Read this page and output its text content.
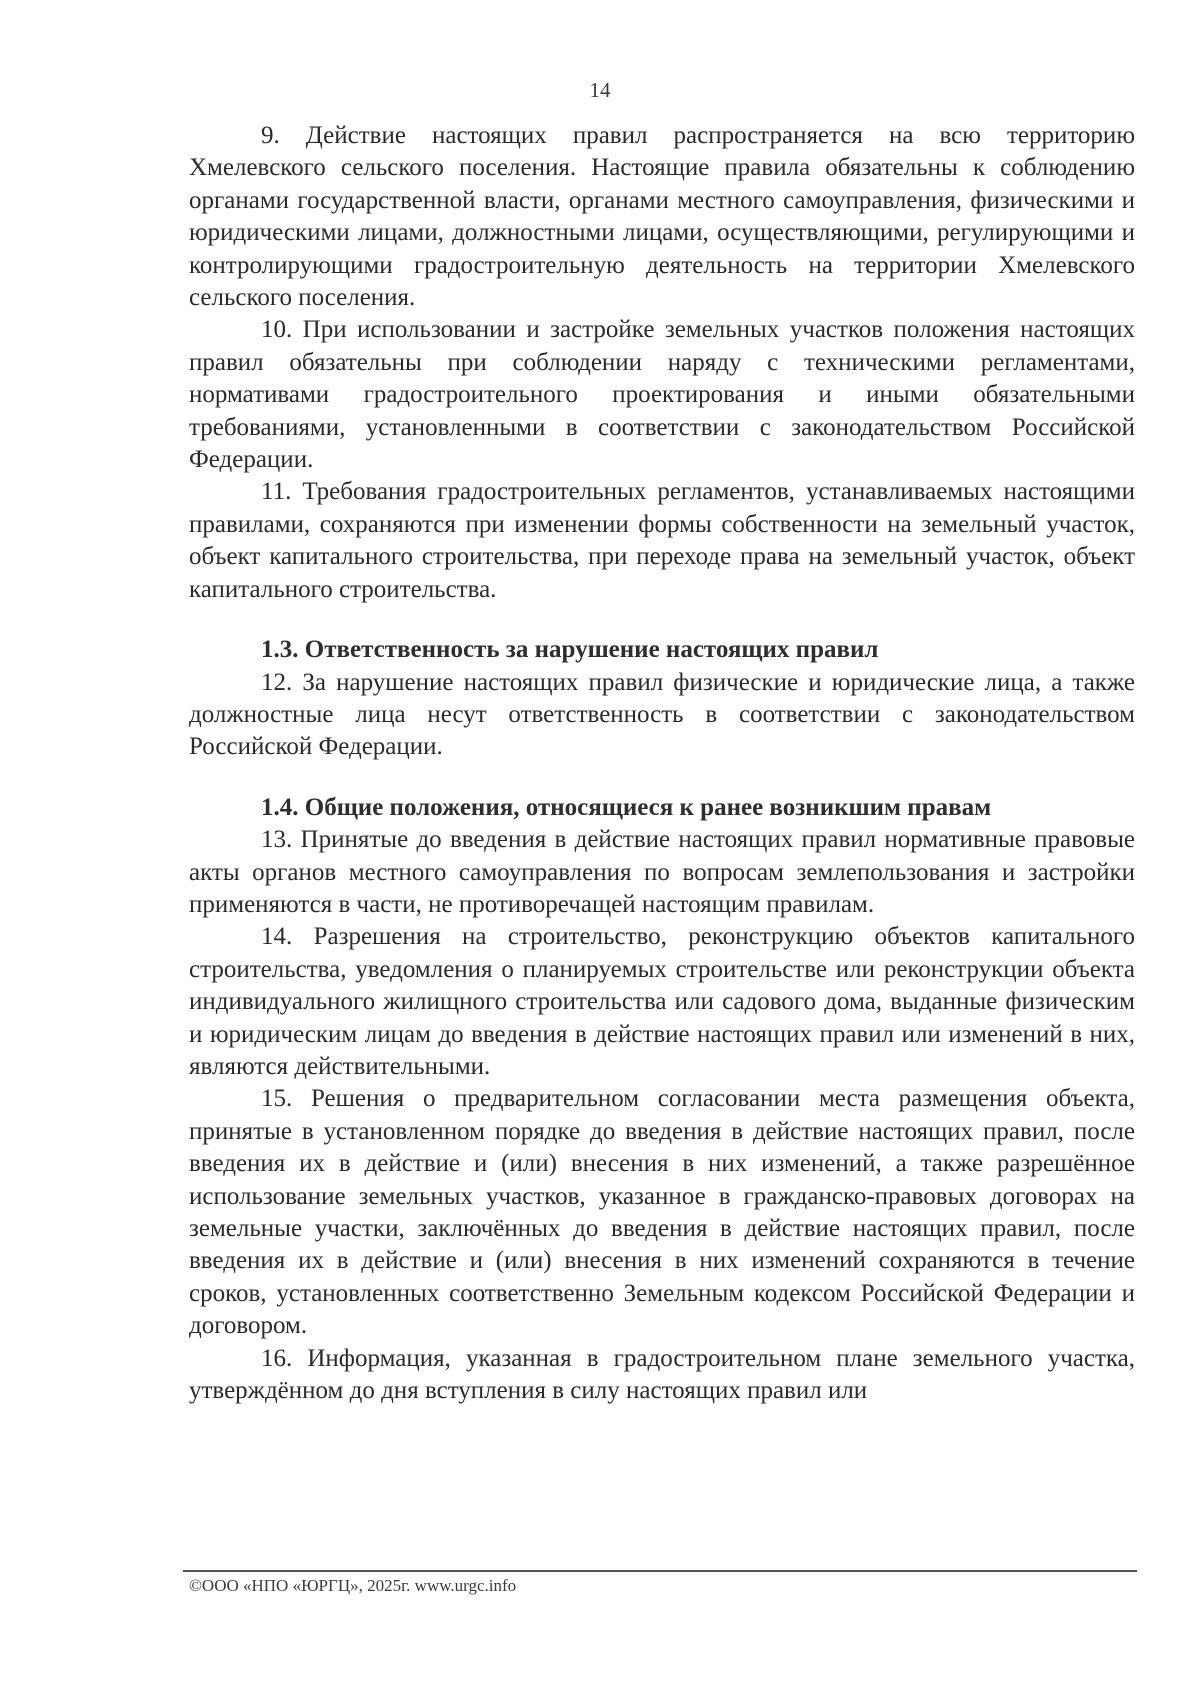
14

9. Действие настоящих правил распространяется на всю территорию Хмелевского сельского поселения. Настоящие правила обязательны к соблюдению органами государственной власти, органами местного самоуправления, физическими и юридическими лицами, должностными лицами, осуществляющими, регулирующими и контролирующими градостроительную деятельность на территории Хмелевского сельского поселения.

10. При использовании и застройке земельных участков положения настоящих правил обязательны при соблюдении наряду с техническими регламентами, нормативами градостроительного проектирования и иными обязательными требованиями, установленными в соответствии с законодательством Российской Федерации.

11. Требования градостроительных регламентов, устанавливаемых настоящими правилами, сохраняются при изменении формы собственности на земельный участок, объект капитального строительства, при переходе права на земельный участок, объект капитального строительства.

1.3. Ответственность за нарушение настоящих правил

12. За нарушение настоящих правил физические и юридические лица, а также должностные лица несут ответственность в соответствии с законодательством Российской Федерации.

1.4. Общие положения, относящиеся к ранее возникшим правам

13. Принятые до введения в действие настоящих правил нормативные правовые акты органов местного самоуправления по вопросам землепользования и застройки применяются в части, не противоречащей настоящим правилам.

14. Разрешения на строительство, реконструкцию объектов капитального строительства, уведомления о планируемых строительстве или реконструкции объекта индивидуального жилищного строительства или садового дома, выданные физическим и юридическим лицам до введения в действие настоящих правил или изменений в них, являются действительными.

15. Решения о предварительном согласовании места размещения объекта, принятые в установленном порядке до введения в действие настоящих правил, после введения их в действие и (или) внесения в них изменений, а также разрешённое использование земельных участков, указанное в гражданско-правовых договорах на земельные участки, заключённых до введения в действие настоящих правил, после введения их в действие и (или) внесения в них изменений сохраняются в течение сроков, установленных соответственно Земельным кодексом Российской Федерации и договором.

16. Информация, указанная в градостроительном плане земельного участка, утверждённом до дня вступления в силу настоящих правил или

©ООО «НПО «ЮРГЦ», 2025г. www.urgc.info
